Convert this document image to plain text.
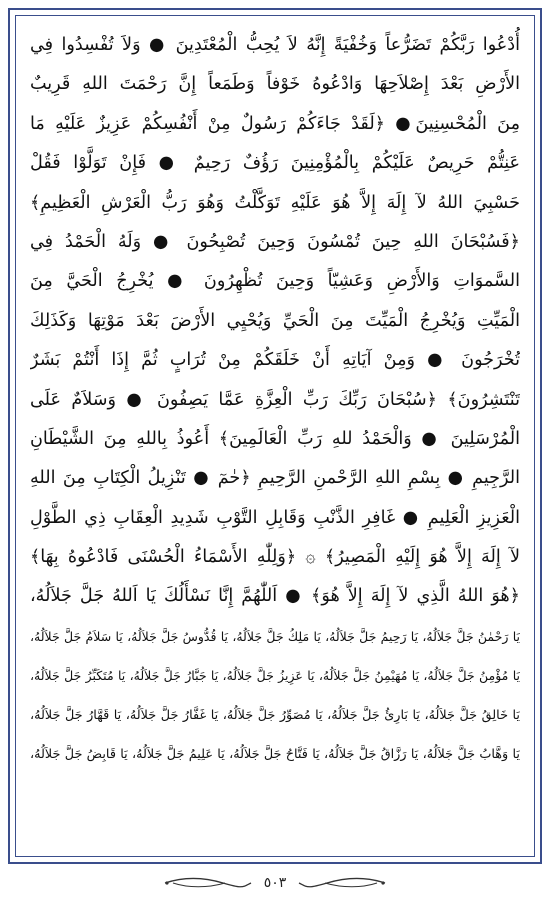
أُدْعُوا رَبَّكُمْ تَضَرُّعاً وَخُفْيَةً إِنَّهُ لاَ يُحِبُّ الْمُعْتَدِينَ ● وَلاَ تُفْسِدُوا فِي
الأَرْضِ بَعْدَ إِصْلاَحِهَا وَادْعُوهُ خَوْفاً وَطَمَعاً إِنَّ رَحْمَتَ اللهِ قَرِيبٌ
مِنَ الْمُحْسِنِينَ● ﴿لَقَدْ جَاءَكُمْ رَسُولٌ مِنْ أَنْفُسِكُمْ عَزِيزٌ عَلَيْهِ مَا
عَنِتُّمْ حَرِيصٌ عَلَيْكُمْ بِالْمُؤْمِنِينَ رَؤُفٌ رَحِيمٌ ● فَإِنْ تَوَلَّوْا فَقُلْ
حَسْبِيَ اللهُ لآ إِلَهَ إِلاَّ هُوَ عَلَيْهِ تَوَكَّلْتُ وَهُوَ رَبُّ الْعَرْشِ الْعَظِيمِ﴾
﴿فَسُبْحَانَ اللهِ حِينَ تُمْسُونَ وَحِينَ تُصْبِحُونَ ● وَلَهُ الْحَمْدُ فِي
السَّموَاتِ وَالأَرْضِ وَعَشِيّاً وَحِينَ تُظْهِرُونَ ● يُخْرِجُ الْحَيَّ مِنَ
الْمَيِّتِ وَيُخْرِجُ الْمَيِّتَ مِنَ الْحَيِّ وَيُحْيِي الأَرْضَ بَعْدَ مَوْتِهَا وَكَذَلِكَ
تُخْرَجُونَ ● وَمِنْ آيَاتِهِ أَنْ خَلَقَكُمْ مِنْ تُرَابٍ ثُمَّ إِذَا أَنْتُمْ بَشَرٌ
تَنْتَشِرُونَ﴾ ﴿سُبْحَانَ رَبِّكَ رَبِّ الْعِزَّةِ عَمَّا يَصِفُونَ ● وَسَلاَمٌ عَلَى
الْمُرْسَلِينَ ● وَالْحَمْدُ للهِ رَبِّ الْعَالَمِينَ﴾ أَعُوذُ بِاللهِ مِنَ الشَّيْطَانِ
الرَّجِيمِ ● بِسْمِ اللهِ الرَّحْمنِ الرَّحِيمِ ﴿حٰمٓ ● تَنْزِيلُ الْكِتَابِ مِنَ اللهِ
الْعَزِيزِ الْعَلِيمِ ● غَافِرِ الذَّنْبِ وَقَابِلِ التَّوْبِ شَدِيدِ الْعِقَابِ ذِي الطَّوْلِ
لآ إِلَهَ إِلاَّ هُوَ إِلَيْهِ الْمَصِيرُ﴾ ۞ ﴿وَلِلّٰهِ الأَسْمَاءُ الْحُسْنَى فَادْعُوهُ بِهَا﴾
﴿هُوَ اللهُ الَّذِي لآ إِلَهَ إِلاَّ هُوَ﴾ ● اَللّٰهُمَّ إِنَّا نَسْأَلُكَ يَا اَللهُ جَلَّ جَلاَلُهُ،
يَا رَحْمٰنُ جَلَّ جَلاَلُهُ، يَا رَحِيمُ جَلَّ جَلاَلُهُ، يَا مَلِكُ جَلَّ جَلاَلُهُ، يَا قُدُّوسُ جَلَّ جَلاَلُهُ، يَا سَلاَمُ جَلَّ جَلاَلُهُ،
يَا مُؤْمِنُ جَلَّ جَلاَلُهُ، يَا مُهَيْمِنُ جَلَّ جَلاَلُهُ، يَا عَزِيزُ جَلَّ جَلاَلُهُ، يَا جَبَّارُ جَلَّ جَلاَلُهُ، يَا مُتَكَبِّرُ جَلَّ جَلاَلُهُ،
يَا خَالِقُ جَلَّ جَلاَلُهُ، يَا بَارِئُ جَلَّ جَلاَلُهُ، يَا مُصَوِّرُ جَلَّ جَلاَلُهُ، يَا غَفَّارُ جَلَّ جَلاَلُهُ، يَا قَهَّارُ جَلَّ جَلاَلُهُ،
يَا وَهَّابُ جَلَّ جَلاَلُهُ، يَا رَزَّاقُ جَلَّ جَلاَلُهُ، يَا فَتَّاحُ جَلَّ جَلاَلُهُ، يَا عَلِيمُ جَلَّ جَلاَلُهُ، يَا قَابِضُ جَلَّ جَلاَلُهُ،
٥٠٣
